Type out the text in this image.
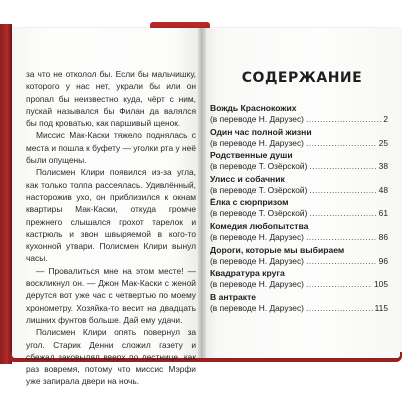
за что не отколол бы. Если бы мальчишку, которого у нас нет, украли бы или он пропал бы неизвестно куда, чёрт с ним, пускай назывался бы Филан да валялся бы под кроватью, как паршивый щенок.

Миссис Мак-Каски тяжело поднялась с места и пошла к буфету — уголки рта у неё были опущены.

Полисмен Клири появился из-за угла, как только толпа рассеялась. Удивлённый, насторожив ухо, он приблизился к окнам квартиры Мак-Каски, откуда громче прежнего слышался грохот тарелок и кастрюль и звон швыряемой в кого-то кухонной утвари. Полисмен Клири вынул часы.

— Провалиться мне на этом месте! — воскликнул он. — Джон Мак-Каски с женой дерутся вот уже час с четвертью по моему хронометру. Хозяйка-то весит на двадцать лишних фунтов больше. Дай ему удачи.

Полисмен Клири опять повернул за угол. Старик Денни сложил газету и сбежал заковылял вверх по лестнице, как раз вовремя, потому что миссис Мэрфи уже запирала двери на ночь.

СОДЕРЖАНИЕ
Вождь Краснокожих
(в переводе Н. Дарузес) .....	2
Один час полной жизни
(в переводе Н. Дарузес) .....	25
Родственные души
(в переводе Т. Озёрской) .....	38
Улисс и собачник
(в переводе Т. Озёрской) .....	48
Ёлка с сюрпризом
(в переводе Т. Озёрской) .....	61
Комедия любопытства
(в переводе Н. Дарузес) .....	86
Дороги, которые мы выбираем
(в переводе Н. Дарузес) .....	96
Квадратура круга
(в переводе Н. Дарузес) .....	105
В антракте
(в переводе Н. Дарузес) .....	115
